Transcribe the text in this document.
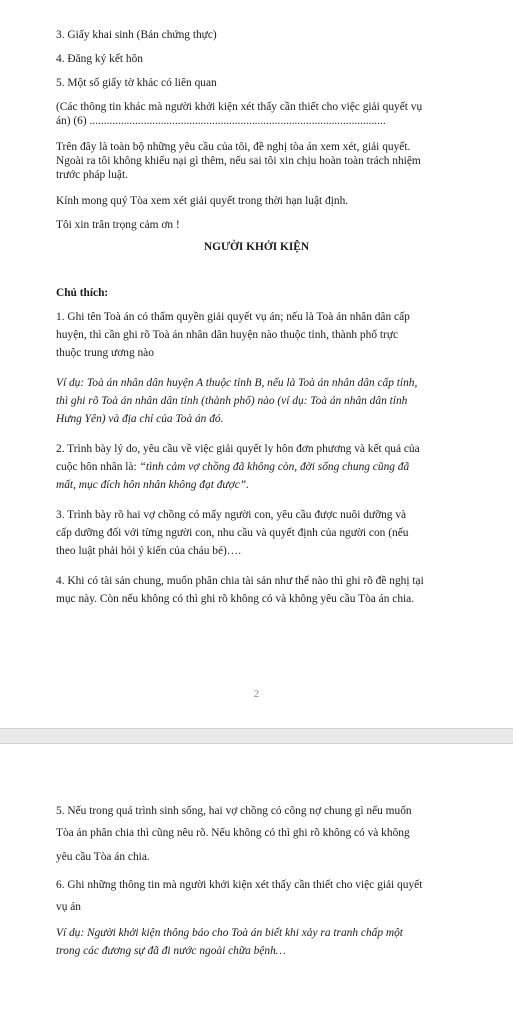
3. Giấy khai sinh (Bản chứng thực)
4. Đăng ký kết hôn
5. Một số giấy tờ khác có liên quan
(Các thông tin khác mà người khởi kiện xét thấy cần thiết cho việc giải quyết vụ
án) (6) ........................................................................................................
Trên đây là toàn bộ những yêu cầu của tôi, đề nghị tòa án xem xét, giải quyết.
Ngoài ra tôi không khiếu nại gì thêm, nếu sai tôi xin chịu hoàn toàn trách nhiệm
trước pháp luật.
Kính mong quý Tòa xem xét giải quyết trong thời hạn luật định.
Tôi xin trân trọng cảm ơn !
NGƯỜI KHỞI KIỆN
Chú thích:
1. Ghi tên Toà án có thẩm quyền giải quyết vụ án; nếu là Toà án nhân dân cấp
huyện, thì cần ghi rõ Toà án nhân dân huyện nào thuộc tỉnh, thành phố trực
thuộc trung ương nào
Ví dụ: Toà án nhân dân huyện A thuộc tỉnh B, nếu là Toà án nhân dân cấp tỉnh,
thì ghi rõ Toà án nhân dân tỉnh (thành phố) nào (ví dụ: Toà án nhân dân tỉnh
Hưng Yên) và địa chỉ của Toà án đó.
2. Trình bày lý do, yêu cầu về việc giải quyết ly hôn đơn phương và kết quả của
cuộc hôn nhân là: “tình cảm vợ chồng đã không còn, đời sống chung cũng đã
mất, mục đích hôn nhân không đạt được”.
3. Trình bày rõ hai vợ chồng có mấy người con, yêu cầu được nuôi dưỡng và
cấp dưỡng đối với từng người con, nhu cầu và quyết định của người con (nếu
theo luật phải hỏi ý kiến của cháu bé)….
4. Khi có tài sản chung, muốn phân chia tài sản như thế nào thì ghi rõ đề nghị tại
mục này. Còn nếu không có thì ghi rõ không có và không yêu cầu Tòa án chia.
2
5. Nếu trong quá trình sinh sống, hai vợ chồng có công nợ chung gì nếu muốn
Tòa án phân chia thì cũng nêu rõ. Nếu không có thì ghi rõ không có và không
yêu cầu Tòa án chia.
6. Ghi những thông tin mà người khởi kiện xét thấy cần thiết cho việc giải quyết
vụ án
Ví dụ: Người khởi kiện thông báo cho Toà án biết khi xảy ra tranh chấp một
trong các đương sự đã đi nước ngoài chữa bệnh…
